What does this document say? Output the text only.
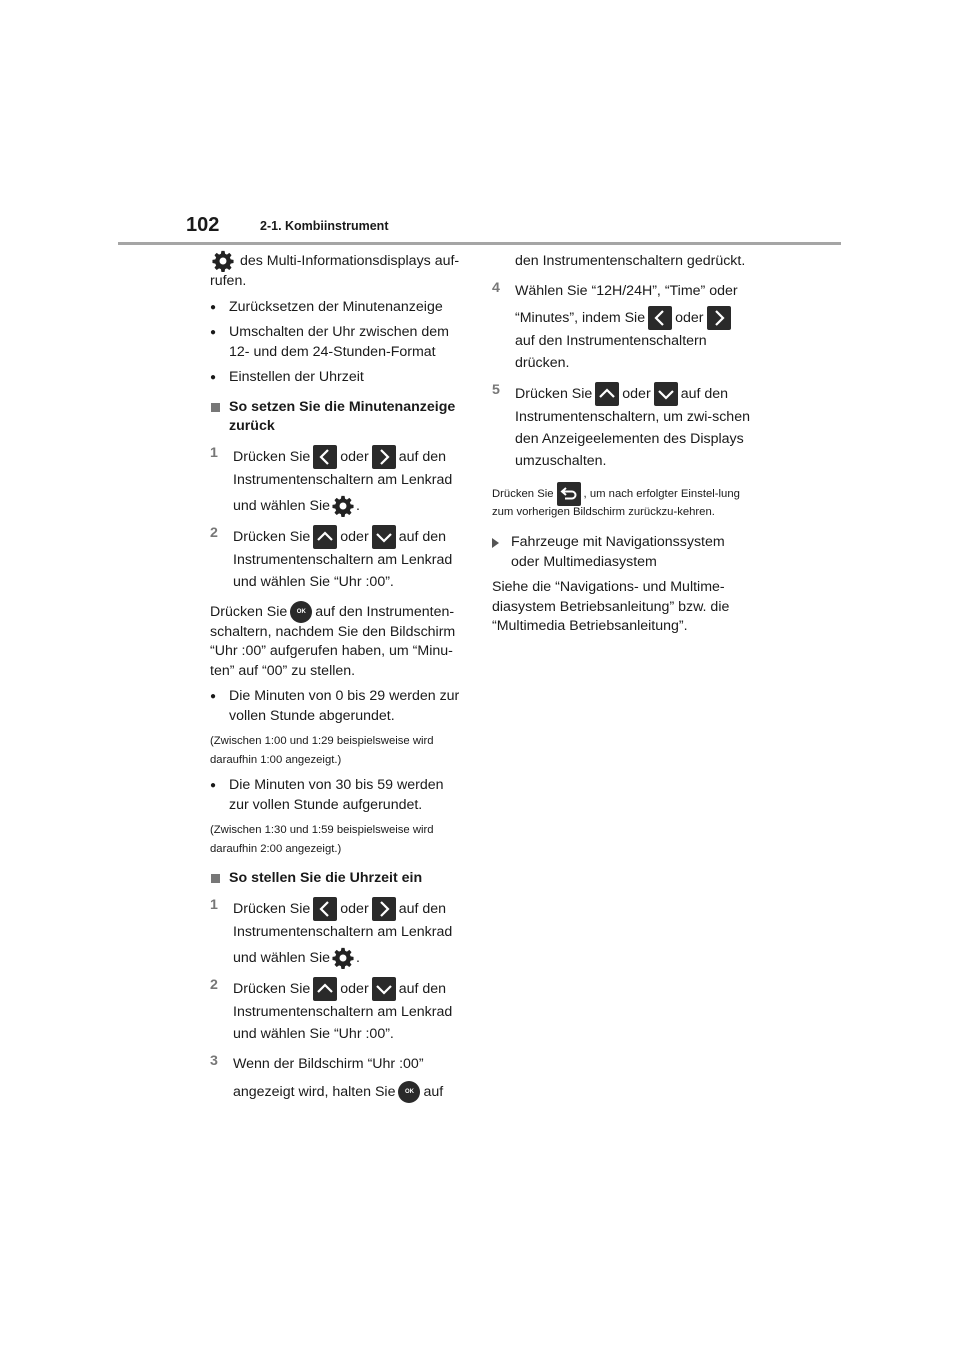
102	2-1. Kombiinstrument

des Multi-Informationsdisplays auf-rufen.

● Zurücksetzen der Minutenanzeige

● Umschalten der Uhr zwischen dem 12- und dem 24-Stunden-Format

● Einstellen der Uhrzeit

So setzen Sie die Minutenanzeige zurück

1 Drücken Sie oder auf den Instrumentenschaltern am Lenkrad

und wählen Sie .

2 Drücken Sie oder auf den Instrumentenschaltern am Lenkrad

und wählen Sie “Uhr :00”.

Drücken Sie OK auf den Instrumenten-schaltern, nachdem Sie den Bildschirm “Uhr :00” aufgerufen haben, um “Minu-ten” auf “00” zu stellen.

● Die Minuten von 0 bis 29 werden zur vollen Stunde abgerundet.

(Zwischen 1:00 und 1:29 beispielsweise wird daraufhin 1:00 angezeigt.)

● Die Minuten von 30 bis 59 werden zur vollen Stunde aufgerundet.

(Zwischen 1:30 und 1:59 beispielsweise wird daraufhin 2:00 angezeigt.)

So stellen Sie die Uhrzeit ein

1 Drücken Sie oder auf den Instrumentenschaltern am Lenkrad

und wählen Sie .

2 Drücken Sie oder auf den Instrumentenschaltern am Lenkrad

und wählen Sie “Uhr :00”.

3 Wenn der Bildschirm “Uhr :00”

angezeigt wird, halten Sie OK auf

den Instrumentenschaltern gedrückt.

4 Wählen Sie “12H/24H”, “Time” oder

“Minutes”, indem Sie oder

auf den Instrumentenschaltern drücken.

5 Drücken Sie oder auf den Instrumentenschaltern, um zwi-schen den Anzeigeelementen des Displays umzuschalten.

Drücken Sie	, um nach erfolgter Einstel-lung zum vorherigen Bildschirm zurückzu-kehren.

Fahrzeuge mit Navigationssystem oder Multimediasystem

Siehe die “Navigations- und Multime-diasystem Betriebsanleitung” bzw. die “Multimedia Betriebsanleitung”.
